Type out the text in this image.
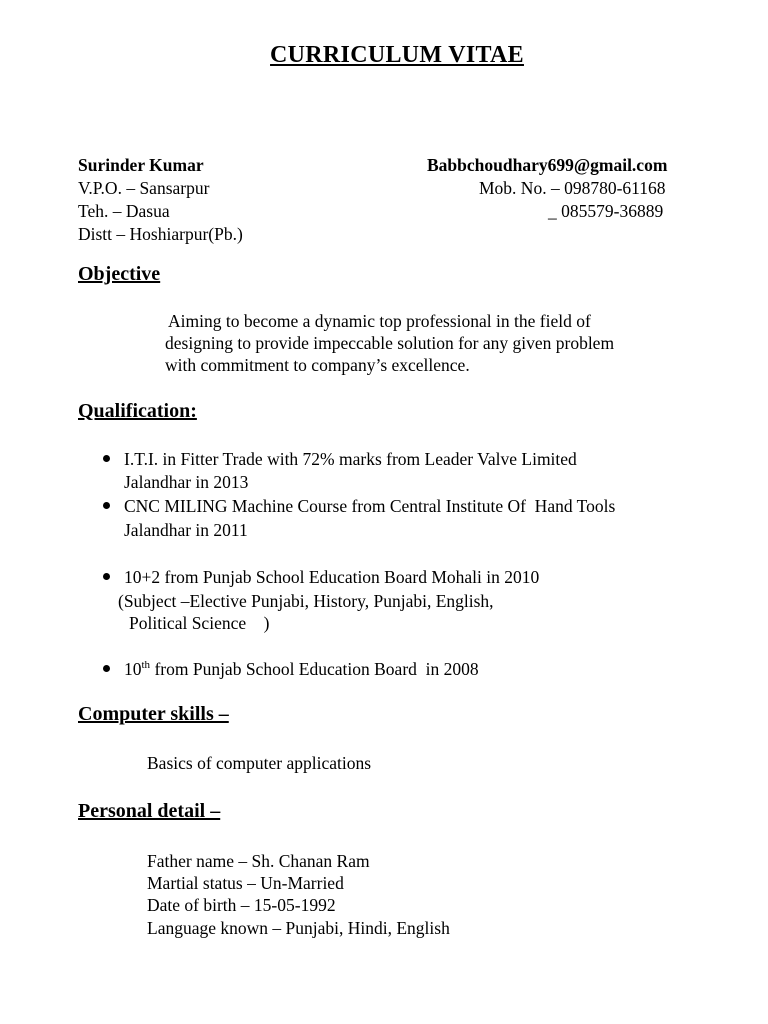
CURRICULUM VITAE
Surinder Kumar	Babbchoudhary699@gmail.com
V.P.O. – Sansarpur	Mob. No. – 098780-61168
Teh. – Dasua	_ 085579-36889
Distt – Hoshiarpur(Pb.)
Objective
Aiming to become a dynamic top professional in the field of
designing to provide impeccable solution for any given problem
with commitment to company’s excellence.
Qualification:
I.T.I. in Fitter Trade with 72% marks from Leader Valve Limited
Jalandhar in 2013
CNC MILING Machine Course from Central Institute Of  Hand Tools
Jalandhar in 2011
10+2 from Punjab School Education Board Mohali in 2010
(Subject –Elective Punjabi, History, Punjabi, English,
Political Science    )
10th from Punjab School Education Board  in 2008
Computer skills –
Basics of computer applications
Personal detail –
Father name – Sh. Chanan Ram
Martial status – Un-Married
Date of birth – 15-05-1992
Language known – Punjabi, Hindi, English
